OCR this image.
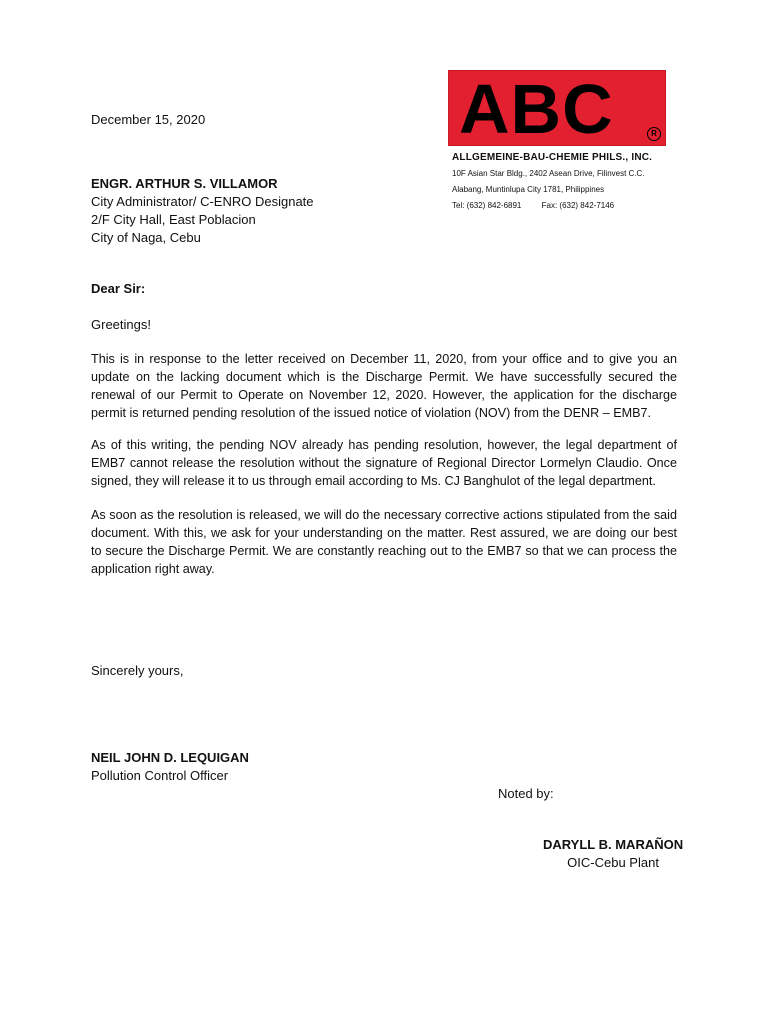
ABC	R
ALLGEMEINE-BAU-CHEMIE PHILS., INC.
10F Asian Star Bldg., 2402 Asean Drive, Filinvest C.C.
Alabang, Muntinlupa City 1781, Philippines
Tel: (632) 842-6891	Fax: (632) 842-7146
December 15, 2020
ENGR. ARTHUR S. VILLAMOR
City Administrator/ C-ENRO Designate
2/F City Hall, East Poblacion
City of Naga, Cebu
Dear Sir:
Greetings!
This is in response to the letter received on December 11, 2020, from your office and to give you an update on the lacking document which is the Discharge Permit. We have successfully secured the renewal of our Permit to Operate on November 12, 2020. However, the application for the discharge permit is returned pending resolution of the issued notice of violation (NOV) from the DENR – EMB7.
As of this writing, the pending NOV already has pending resolution, however, the legal department of EMB7 cannot release the resolution without the signature of Regional Director Lormelyn Claudio. Once signed, they will release it to us through email according to Ms. CJ Banghulot of the legal department.
As soon as the resolution is released, we will do the necessary corrective actions stipulated from the said document. With this, we ask for your understanding on the matter. Rest assured, we are doing our best to secure the Discharge Permit. We are constantly reaching out to the EMB7 so that we can process the application right away.
Sincerely yours,
NEIL JOHN D. LEQUIGAN
Pollution Control Officer
Noted by:
DARYLL B. MARAÑON
OIC-Cebu Plant
